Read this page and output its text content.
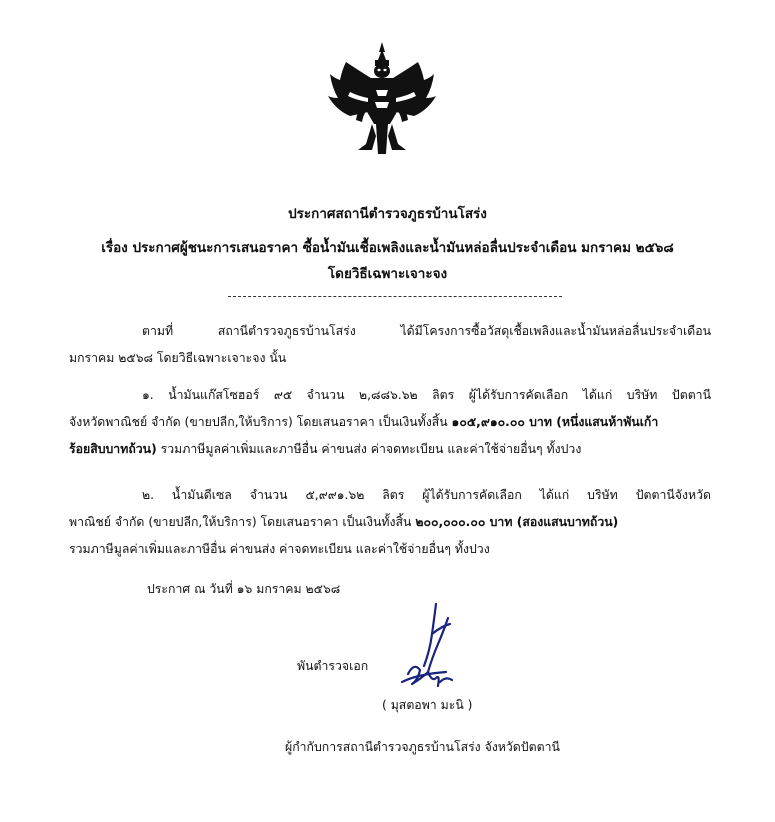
ประกาศสถานีตำรวจภูธรบ้านโสร่ง
เรื่อง ประกาศผู้ชนะการเสนอราคา ซื้อน้ำมันเชื้อเพลิงและน้ำมันหล่อลื่นประจำเดือน มกราคม ๒๕๖๘
โดยวิธีเฉพาะเจาะจง
ตามที่ สถานีตำรวจภูธรบ้านโสร่ง ได้มีโครงการซื้อวัสดุเชื้อเพลิงและน้ำมันหล่อลื่นประจำเดือน
มกราคม ๒๕๖๘ โดยวิธีเฉพาะเจาะจง นั้น
๑. น้ำมันแก๊สโซฮอร์ ๙๕ จำนวน ๒,๘๘๖.๖๒ ลิตร ผู้ได้รับการคัดเลือก ได้แก่ บริษัท ปัตตานี
จังหวัดพาณิชย์ จำกัด (ขายปลีก,ให้บริการ) โดยเสนอราคา เป็นเงินทั้งสิ้น ๑๐๕,๙๑๐.๐๐ บาท (หนึ่งแสนห้าพันเก้า
ร้อยสิบบาทถ้วน) รวมภาษีมูลค่าเพิ่มและภาษีอื่น ค่าขนส่ง ค่าจดทะเบียน และค่าใช้จ่ายอื่นๆ ทั้งปวง
๒. น้ำมันดีเซล จำนวน ๕,๙๙๑.๖๒ ลิตร ผู้ได้รับการคัดเลือก ได้แก่ บริษัท ปัตตานีจังหวัด
พาณิชย์ จำกัด (ขายปลีก,ให้บริการ) โดยเสนอราคา เป็นเงินทั้งสิ้น ๒๐๐,๐๐๐.๐๐ บาท (สองแสนบาทถ้วน)
รวมภาษีมูลค่าเพิ่มและภาษีอื่น ค่าขนส่ง ค่าจดทะเบียน และค่าใช้จ่ายอื่นๆ ทั้งปวง
ประกาศ ณ วันที่ ๑๖ มกราคม ๒๕๖๘
พันตำรวจเอก
( มุสตอพา มะนิ )
ผู้กำกับการสถานีตำรวจภูธรบ้านโสร่ง จังหวัดปัตตานี
